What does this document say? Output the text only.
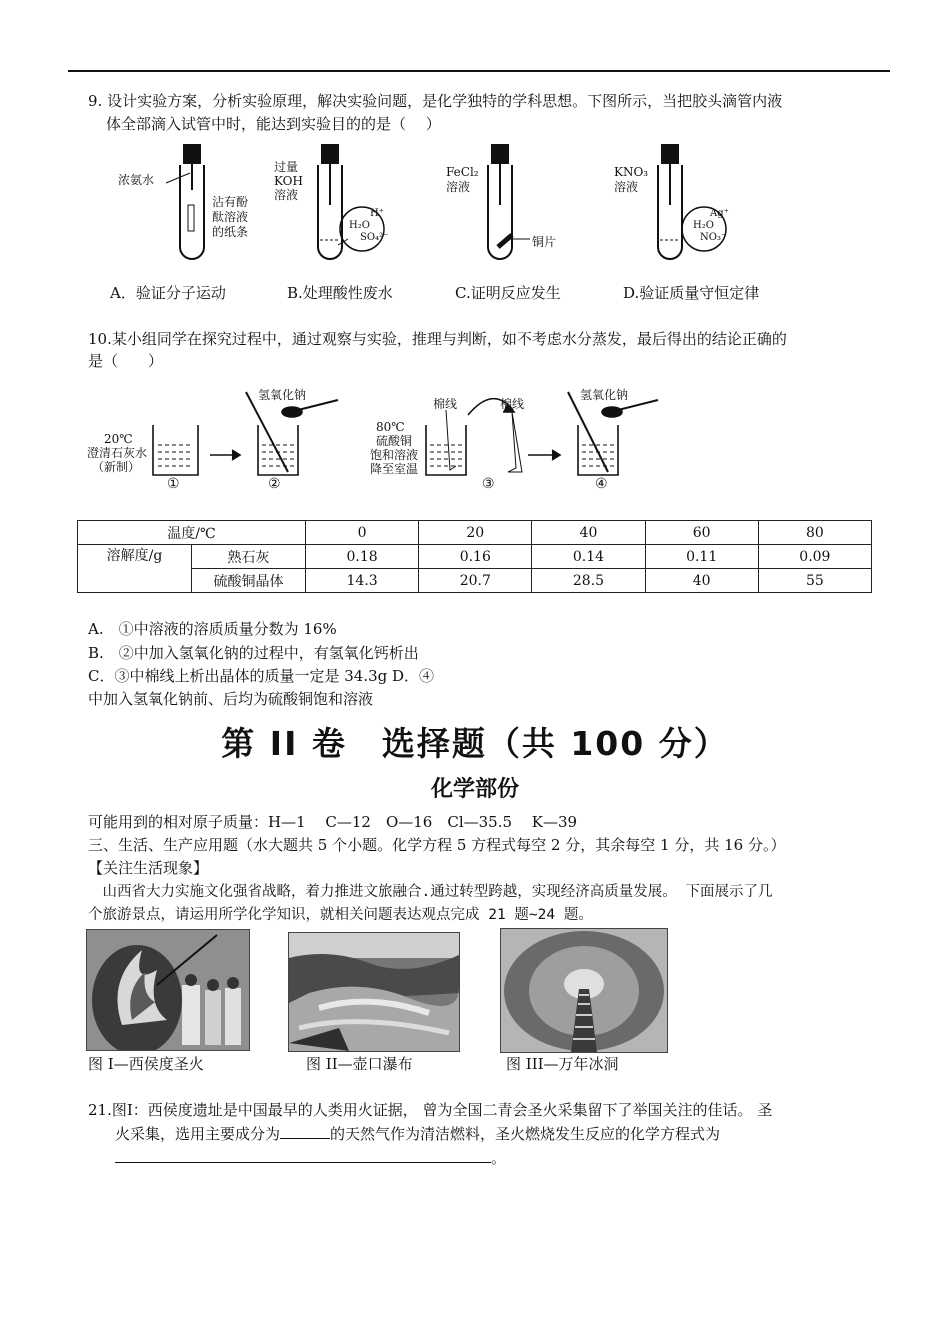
9. 设计实验方案，分析实验原理，解决实验问题，是化学独特的学科思想。下图所示，当把胶头滴管内液
体全部滴入试管中时，能达到实验目的的是（　 ）
浓氨水
沾有酚
酞溶液
的纸条
过量
KOH
溶液
H⁺
H₂O
SO₄²⁻
FeCl₂
溶液
铜片
KNO₃
溶液
Ag⁺
H₂O
NO₃⁻
A．验证分子运动	B.处理酸性废水	C.证明反应发生	D.验证质量守恒定律
10.某小组同学在探究过程中，通过观察与实验，推理与判断，如不考虑水分蒸发，最后得出的结论正确的
是（　　）
20℃
澄清石灰水
（新制）
氢氧化钠	氢氧化钠
80℃
硫酸铜
饱和溶液
降至室温
棉线	棉线
①	②	③	④
温度/℃		0	20	40	60	80
溶解度/g	熟石灰	0.18	0.16	0.14	0.11	0.09
	硫酸铜晶体	14.3	20.7	28.5	40	55
A.　①中溶液的溶质质量分数为 16%
B.　②中加入氢氧化钠的过程中，有氢氧化钙析出
C．③中棉线上析出晶体的质量一定是 34.3g D．④
中加入氢氧化钠前、后均为硫酸铜饱和溶液
第 II 卷　选择题（共 100 分）
化学部份
可能用到的相对原子质量：H—1　 C—12　O—16　Cl—35.5　 K—39
三、生活、生产应用题（水大题共 5 个小题。化学方程 5 方程式每空 2 分，其余每空 1 分，共 16 分。）
【关注生活现象】
　山西省大力实施文化强省战略，着力推进文旅融合.通过转型跨越，实现经济高质量发展。 下面展示了几
个旅游景点，请运用所学化学知识，就相关问题表达观点完成 21 题~24 题。
图 I—西侯度圣火	图 II—壶口瀑布	图 III—万年冰洞
21.图Ⅰ：西侯度遗址是中国最早的人类用火证据， 曾为全国二青会圣火采集留下了举国关注的佳话。 圣
火采集，选用主要成分为	的天然气作为清洁燃料，圣火燃烧发生反应的化学方程式为
。
